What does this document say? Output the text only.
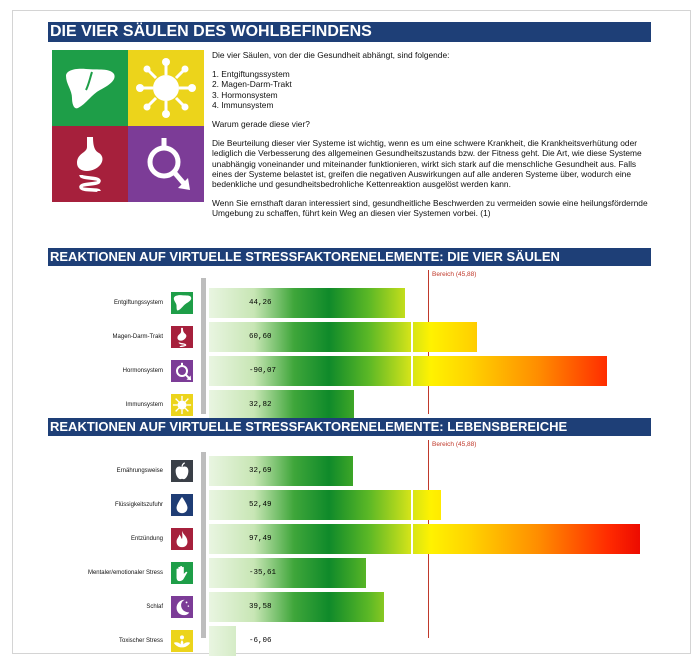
DIE VIER SÄULEN DES WOHLBEFINDENS

Die vier Säulen, von der die Gesundheit abhängt, sind folgende:

1. Entgiftungssystem
2. Magen-Darm-Trakt
3. Hormonsystem
4. Immunsystem

Warum gerade diese vier?

Die Beurteilung dieser vier Systeme ist wichtig, wenn es um eine schwere Krankheit, die Krankheitsverhütung oder lediglich die Verbesserung des allgemeinen Gesundheitszustands bzw. der Fitness geht. Die Art, wie diese Systeme unabhängig voneinander und miteinander funktionieren, wirkt sich stark auf die menschliche Gesundheit aus. Falls eines der Systeme belastet ist, greifen die negativen Auswirkungen auf alle anderen Systeme über, wodurch eine bedenkliche und gesundheitsbedrohliche Kettenreaktion ausgelöst werden kann.

Wenn Sie ernsthaft daran interessiert sind, gesundheitliche Beschwerden zu vermeiden sowie eine heilungsfördernde Umgebung zu schaffen, führt kein Weg an diesen vier Systemen vorbei. (1)

REAKTIONEN AUF VIRTUELLE STRESSFAKTORENELEMENTE: DIE VIER SÄULEN
Bereich (45,88)
Entgiftungssystem	44,26
Magen-Darm-Trakt	60,60
Hormonsystem	-90,07
Immunsystem	32,82
REAKTIONEN AUF VIRTUELLE STRESSFAKTORENELEMENTE: LEBENSBEREICHE
Bereich (45,88)
Ernährungsweise	32,69
Flüssigkeitszufuhr	52,49
Entzündung	97,49
Mentaler/emotionaler Stress	-35,61
Schlaf	39,58
Toxischer Stress	-6,06
